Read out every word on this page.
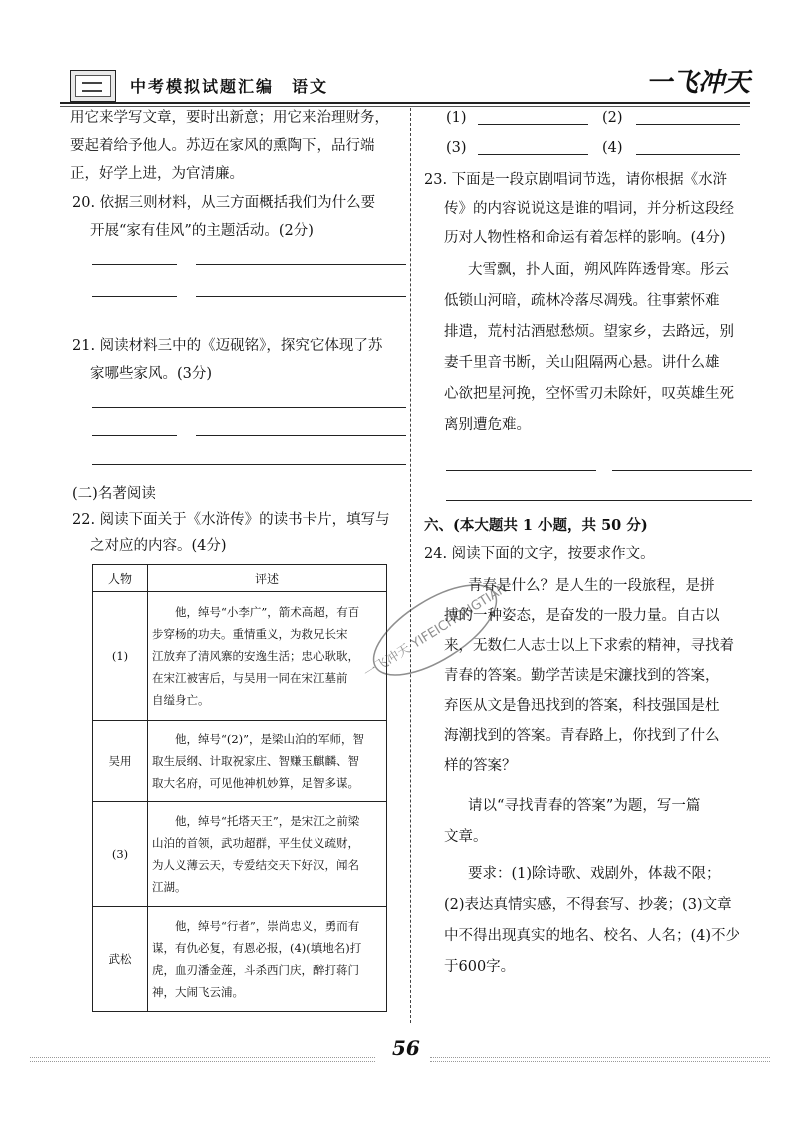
中考模拟试题汇编　语文	一飞冲天
用它来学写文章，要时出新意；用它来治理财务，
要起着给予他人。苏迈在家风的熏陶下，品行端
正，好学上进，为官清廉。
20. 依据三则材料，从三方面概括我们为什么要
开展“家有佳风”的主题活动。(2分)
21. 阅读材料三中的《迈砚铭》，探究它体现了苏
家哪些家风。(3分)
(二)名著阅读
22. 阅读下面关于《水浒传》的读书卡片，填写与
之对应的内容。(4分)
人物	评述
(1)	他，绰号“小李广”，箭术高超，有百
步穿杨的功夫。重情重义，为救兄长宋
江放弃了清风寨的安逸生活；忠心耿耿，
在宋江被害后，与吴用一同在宋江墓前
自缢身亡。

吴用	他，绰号“(2)”，是梁山泊的军师，智
取生辰纲、计取祝家庄、智赚玉麒麟、智
取大名府，可见他神机妙算，足智多谋。

(3)	他，绰号“托塔天王”，是宋江之前梁
山泊的首领，武功超群，平生仗义疏财，
为人义薄云天，专爱结交天下好汉，闻名
江湖。

武松	他，绰号“行者”，崇尚忠义，勇而有
谋，有仇必复，有恩必报，(4)(填地名)打
虎，血刃潘金莲，斗杀西门庆，醉打蒋门
神，大闹飞云浦。
(1)	(2)
(3)	(4)
23. 下面是一段京剧唱词节选，请你根据《水浒
传》的内容说说这是谁的唱词，并分析这段经
历对人物性格和命运有着怎样的影响。(4分)
大雪飘，扑人面，朔风阵阵透骨寒。彤云
低锁山河暗，疏林冷落尽凋残。往事萦怀难
排遣，荒村沽酒慰愁烦。望家乡，去路远，别
妻千里音书断，关山阻隔两心悬。讲什么雄
心欲把星河挽，空怀雪刃未除奸，叹英雄生死
离别遭危难。
六、(本大题共 1 小题，共 50 分)
24. 阅读下面的文字，按要求作文。
青春是什么？是人生的一段旅程，是拼
搏的一种姿态，是奋发的一股力量。自古以
来，无数仁人志士以上下求索的精神，寻找着
青春的答案。勤学苦读是宋濂找到的答案，
弃医从文是鲁迅找到的答案，科技强国是杜
海潮找到的答案。青春路上，你找到了什么
样的答案？
请以“寻找青春的答案”为题，写一篇
文章。
要求：(1)除诗歌、戏剧外，体裁不限；
(2)表达真情实感，不得套写、抄袭；(3)文章
中不得出现真实的地名、校名、人名；(4)不少
于600字。
一飞冲天 YIFEICHONGTIAN
56
